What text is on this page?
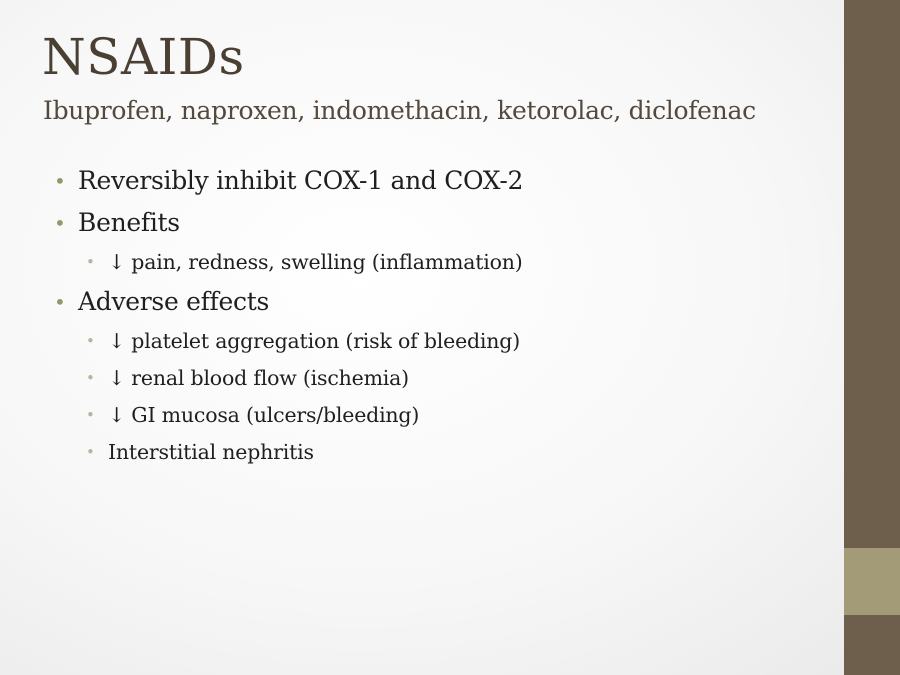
NSAIDs
Ibuprofen, naproxen, indomethacin, ketorolac, diclofenac
• Reversibly inhibit COX-1 and COX-2
• Benefits
• ↓ pain, redness, swelling (inflammation)
• Adverse effects
• ↓ platelet aggregation (risk of bleeding)
• ↓ renal blood flow (ischemia)
• ↓ GI mucosa (ulcers/bleeding)
• Interstitial nephritis
